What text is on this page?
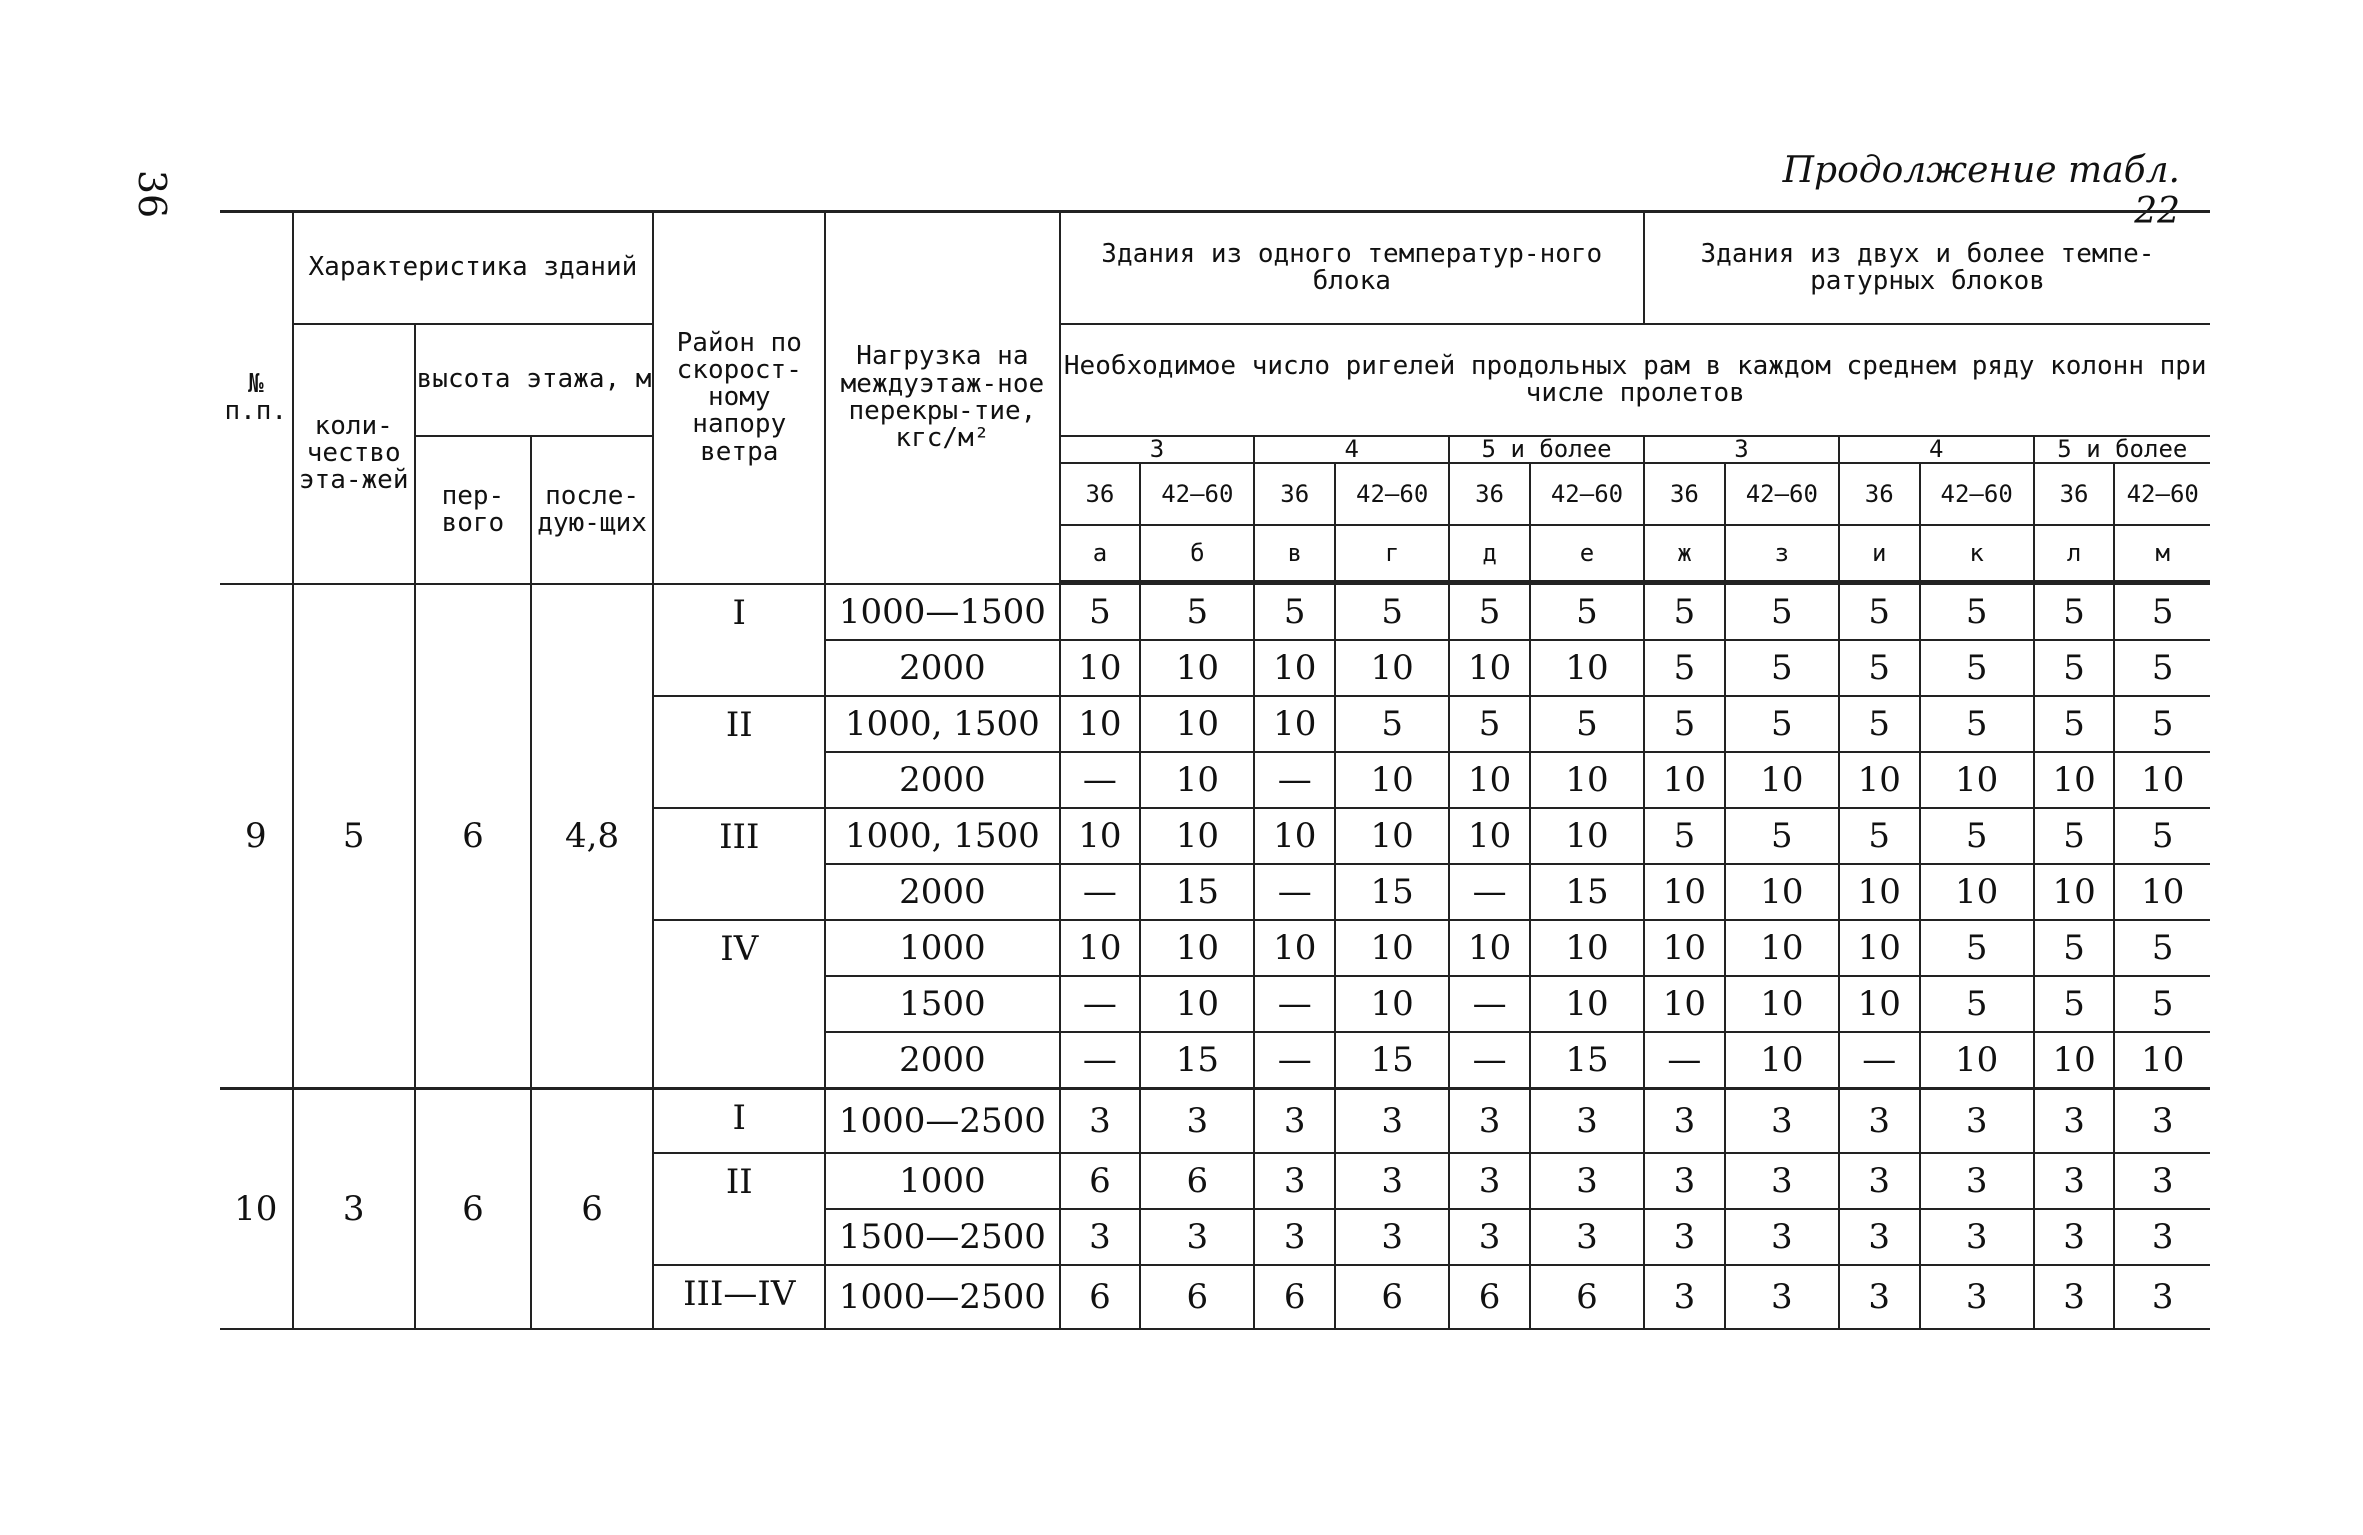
36	Продолжение табл. 22
№ п.п.	Характеристика зданий			Район по скорост-ному напору ветра	Нагрузка на междуэтаж-ное перекры-тие, кгс/м²	Здания из одного температур-ного блока						Здания из двух и более темпе-ратурных блоков					
	коли-чество эта-жей	высота этажа, м				Необходимое число ригелей продольных рам в каждом среднем ряду колонн при числе пролетов											
		пер-вого	после-дую-щих			3		4		5 и более		3		4		5 и более	
						36	42—60	36	42—60	36	42—60	36	42—60	36	42—60	36	42—60
						а	б	в	г	д	е	ж	з	и	к	л	м

9	5	6	4,8	I	1000—1500	5	5	5	5	5	5	5	5	5	5	5	5
					2000	10	10	10	10	10	10	5	5	5	5	5	5
				II	1000, 1500	10	10	10	5	5	5	5	5	5	5	5	5
					2000	—	10	—	10	10	10	10	10	10	10	10	10
				III	1000, 1500	10	10	10	10	10	10	5	5	5	5	5	5
					2000	—	15	—	15	—	15	10	10	10	10	10	10
				IV	1000	10	10	10	10	10	10	10	10	10	5	5	5
					1500	—	10	—	10	—	10	10	10	10	5	5	5
					2000	—	15	—	15	—	15	—	10	—	10	10	10
10	3	6	6	I	1000—2500	3	3	3	3	3	3	3	3	3	3	3	3
				II	1000	6	6	3	3	3	3	3	3	3	3	3	3
					1500—2500	3	3	3	3	3	3	3	3	3	3	3	3
				III—IV	1000—2500	6	6	6	6	6	6	3	3	3	3	3	3
